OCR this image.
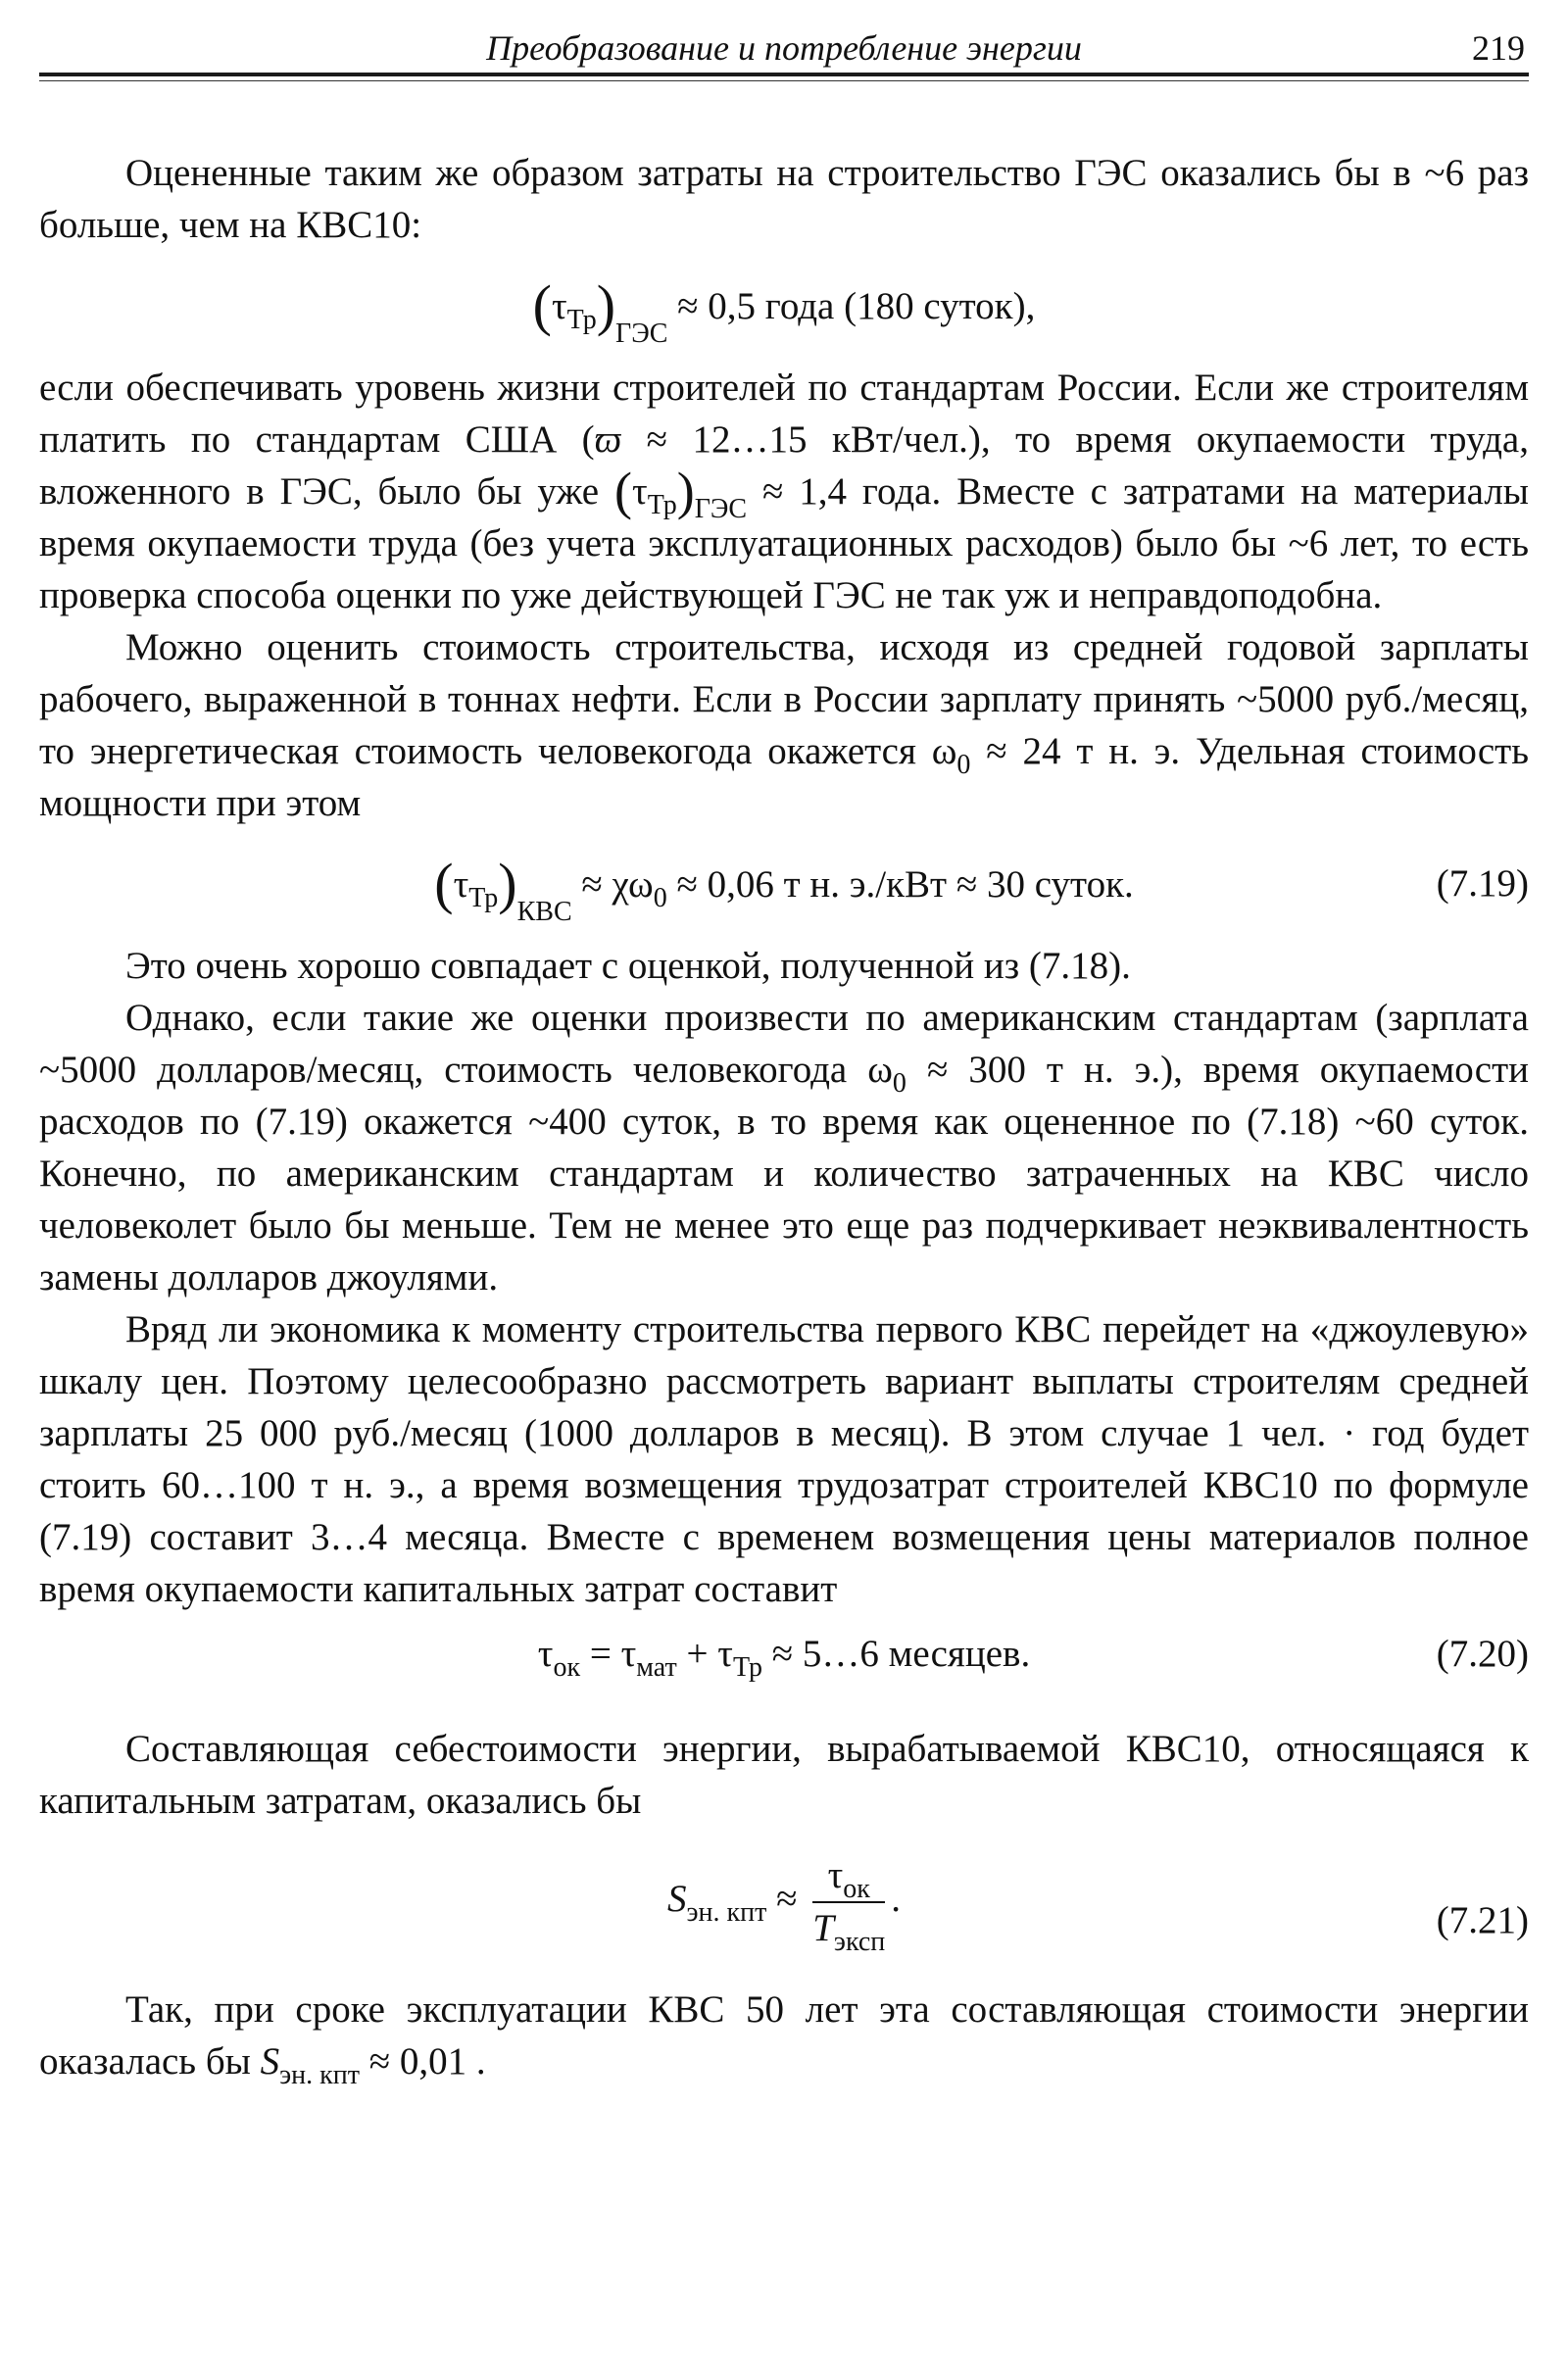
Преобразование и потребление энергии	219

Оцененные таким же образом затраты на строительство ГЭС оказались бы в ~6 раз больше, чем на КВС10:

$(\tau_{Тр})_{ГЭС} \approx 0,5$ года (180 суток),

если обеспечивать уровень жизни строителей по стандартам России. Если же строителям платить по стандартам США (ϖ ≈ 12…15 кВт/чел.), то время окупаемости труда, вложенного в ГЭС, было бы уже $(\tau_{Тр})_{ГЭС} \approx 1,4$ года. Вместе с затратами на материалы время окупаемости труда (без учета эксплуатационных расходов) было бы ~6 лет, то есть проверка способа оценки по уже действующей ГЭС не так уж и неправдоподобна.

Можно оценить стоимость строительства, исходя из средней годовой зарплаты рабочего, выраженной в тоннах нефти. Если в России зарплату принять ~5000 руб./месяц, то энергетическая стоимость человекогода окажется $\omega_0 \approx 24$ т н. э. Удельная стоимость мощности при этом

$(\tau_{Тр})_{КВС} \approx \chi\omega_0 \approx 0,06$ т н. э./кВт ≈ 30 суток.	(7.19)

Это очень хорошо совпадает с оценкой, полученной из (7.18).

Однако, если такие же оценки произвести по американским стандартам (зарплата ~5000 долларов/месяц, стоимость человекогода $\omega_0 \approx 300$ т н. э.), время окупаемости расходов по (7.19) окажется ~400 суток, в то время как оцененное по (7.18) ~60 суток. Конечно, по американским стандартам и количество затраченных на КВС число человеколет было бы меньше. Тем не менее это еще раз подчеркивает неэквивалентность замены долларов джоулями.

Вряд ли экономика к моменту строительства первого КВС перейдет на «джоулевую» шкалу цен. Поэтому целесообразно рассмотреть вариант выплаты строителям средней зарплаты 25 000 руб./месяц (1000 долларов в месяц). В этом случае 1 чел. · год будет стоить 60…100 т н. э., а время возмещения трудозатрат строителей КВС10 по формуле (7.19) составит 3…4 месяца. Вместе с временем возмещения цены материалов полное время окупаемости капитальных затрат составит

$\tau_{ок} = \tau_{мат} + \tau_{Тр}$ ≈ 5…6 месяцев.	(7.20)

Составляющая себестоимости энергии, вырабатываемой КВС10, относящаяся к капитальным затратам, оказались бы

$S_{эн. кпт} \approx \frac{\tau_{ок}}{T_{эксп}}$ .
(7.21)

Так, при сроке эксплуатации КВС 50 лет эта составляющая стоимости энергии оказалась бы $S_{эн. кпт} \approx 0,01$ .
